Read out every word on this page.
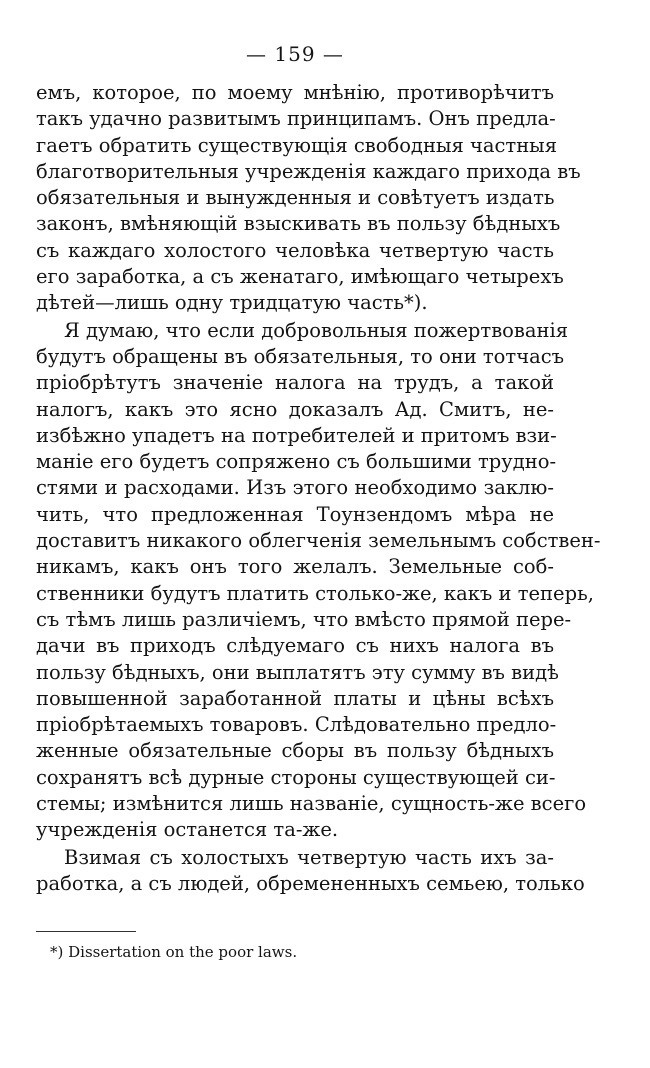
— 159 —

емъ, которое, по моему мнѣнію, противорѣчитъ
такъ удачно развитымъ принципамъ. Онъ предла-
гаетъ обратить существующія свободныя частныя
благотворительныя учрежденія каждаго прихода въ
обязательныя и вынужденныя и совѣтуетъ издать
законъ, вмѣняющій взыскивать въ пользу бѣдныхъ
съ каждаго холостого человѣка четвертую часть
его заработка, а съ женатаго, имѣющаго четырехъ
дѣтей—лишь одну тридцатую часть*).

Я думаю, что если добровольныя пожертвованія
будутъ обращены въ обязательныя, то они тотчасъ
пріобрѣтутъ значеніе налога на трудъ, а такой
налогъ, какъ это ясно доказалъ Ад. Смитъ, не-
избѣжно упадетъ на потребителей и притомъ взи-
маніе его будетъ сопряжено съ большими трудно-
стями и расходами. Изъ этого необходимо заклю-
чить, что предложенная Тоунзендомъ мѣра не
доставитъ никакого облегченія земельнымъ собствен-
никамъ, какъ онъ того желалъ. Земельные соб-
ственники будутъ платить столько-же, какъ и теперь,
съ тѣмъ лишь различіемъ, что вмѣсто прямой пере-
дачи въ приходъ слѣдуемаго съ нихъ налога въ
пользу бѣдныхъ, они выплатятъ эту сумму въ видѣ
повышенной заработанной платы и цѣны всѣхъ
пріобрѣтаемыхъ товаровъ. Слѣдовательно предло-
женные обязательные сборы въ пользу бѣдныхъ
сохранятъ всѣ дурные стороны существующей си-
стемы; измѣнится лишь названіе, сущность-же всего
учрежденія останется та-же.

Взимая съ холостыхъ четвертую часть ихъ за-
работка, а съ людей, обремененныхъ семьею, только

*) Dissertation on the poor laws.
